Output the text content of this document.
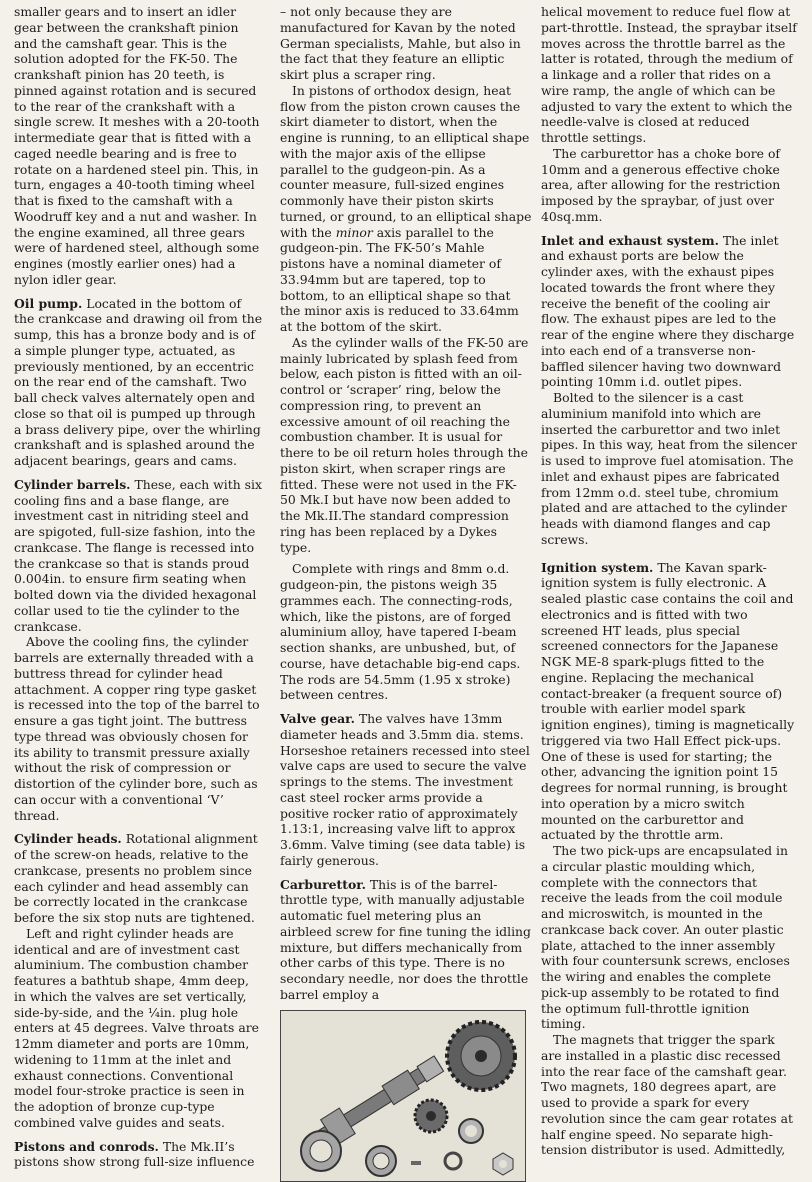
smaller gears and to insert an idler gear between the crankshaft pinion and the camshaft gear. This is the solution adopted for the FK-50. The crankshaft pinion has 20 teeth, is pinned against rotation and is secured to the rear of the crankshaft with a single screw. It meshes with a 20-tooth intermediate gear that is fitted with a caged needle bearing and is free to rotate on a hardened steel pin. This, in turn, engages a 40-tooth timing wheel that is fixed to the camshaft with a Woodruff key and a nut and washer. In the engine examined, all three gears were of hardened steel, although some engines (mostly earlier ones) had a nylon idler gear.

Oil pump. Located in the bottom of the crankcase and drawing oil from the sump, this has a bronze body and is of a simple plunger type, actuated, as previously mentioned, by an eccentric on the rear end of the camshaft. Two ball check valves alternately open and close so that oil is pumped up through a brass delivery pipe, over the whirling crankshaft and is splashed around the adjacent bearings, gears and cams.

Cylinder barrels. These, each with six cooling fins and a base flange, are investment cast in nitriding steel and are spigoted, full-size fashion, into the crankcase. The flange is recessed into the crankcase so that is stands proud 0.004in. to ensure firm seating when bolted down via the divided hexagonal collar used to tie the cylinder to the crankcase.

Above the cooling fins, the cylinder barrels are externally threaded with a buttress thread for cylinder head attachment. A copper ring type gasket is recessed into the top of the barrel to ensure a gas tight joint. The buttress type thread was obviously chosen for its ability to transmit pressure axially without the risk of compression or distortion of the cylinder bore, such as can occur with a conventional ‘V’ thread.

Cylinder heads. Rotational alignment of the screw-on heads, relative to the crankcase, presents no problem since each cylinder and head assembly can be correctly located in the crankcase before the six stop nuts are tightened.

Left and right cylinder heads are identical and are of investment cast aluminium. The combustion chamber features a bathtub shape, 4mm deep, in which the valves are set vertically, side-by-side, and the ¼in. plug hole enters at 45 degrees. Valve throats are 12mm diameter and ports are 10mm, widening to 11mm at the inlet and exhaust connections. Conventional model four-stroke practice is seen in the adoption of bronze cup-type combined valve guides and seats.

Pistons and conrods. The Mk.II’s pistons show strong full-size influence

– not only because they are manufactured for Kavan by the noted German specialists, Mahle, but also in the fact that they feature an elliptic skirt plus a scraper ring.

In pistons of orthodox design, heat flow from the piston crown causes the skirt diameter to distort, when the engine is running, to an elliptical shape with the major axis of the ellipse parallel to the gudgeon-pin. As a counter measure, full-sized engines commonly have their piston skirts turned, or ground, to an elliptical shape with the minor axis parallel to the gudgeon-pin. The FK-50’s Mahle pistons have a nominal diameter of 33.94mm but are tapered, top to bottom, to an elliptical shape so that the minor axis is reduced to 33.64mm at the bottom of the skirt.

As the cylinder walls of the FK-50 are mainly lubricated by splash feed from below, each piston is fitted with an oil-control or ‘scraper’ ring, below the compression ring, to prevent an excessive amount of oil reaching the combustion chamber. It is usual for there to be oil return holes through the piston skirt, when scraper rings are fitted. These were not used in the FK-50 Mk.I but have now been added to the Mk.II.The standard compression ring has been replaced by a Dykes type.

Complete with rings and 8mm o.d. gudgeon-pin, the pistons weigh 35 grammes each. The connecting-rods, which, like the pistons, are of forged aluminium alloy, have tapered I-beam section shanks, are unbushed, but, of course, have detachable big-end caps. The rods are 54.5mm (1.95 x stroke) between centres.

Valve gear. The valves have 13mm diameter heads and 3.5mm dia. stems. Horseshoe retainers recessed into steel valve caps are used to secure the valve springs to the stems. The investment cast steel rocker arms provide a positive rocker ratio of approximately 1.13:1, increasing valve lift to approx 3.6mm. Valve timing (see data table) is fairly generous.

Carburettor. This is of the barrel-throttle type, with manually adjustable automatic fuel metering plus an airbleed screw for fine tuning the idling mixture, but differs mechanically from other carbs of this type. There is no secondary needle, nor does the throttle barrel employ a

helical movement to reduce fuel flow at part-throttle. Instead, the spraybar itself moves across the throttle barrel as the latter is rotated, through the medium of a linkage and a roller that rides on a wire ramp, the angle of which can be adjusted to vary the extent to which the needle-valve is closed at reduced throttle settings.

The carburettor has a choke bore of 10mm and a generous effective choke area, after allowing for the restriction imposed by the spraybar, of just over 40sq.mm.

Inlet and exhaust system. The inlet and exhaust ports are below the cylinder axes, with the exhaust pipes located towards the front where they receive the benefit of the cooling air flow. The exhaust pipes are led to the rear of the engine where they discharge into each end of a transverse non-baffled silencer having two downward pointing 10mm i.d. outlet pipes.

Bolted to the silencer is a cast aluminium manifold into which are inserted the carburettor and two inlet pipes. In this way, heat from the silencer is used to improve fuel atomisation. The inlet and exhaust pipes are fabricated from 12mm o.d. steel tube, chromium plated and are attached to the cylinder heads with diamond flanges and cap screws.

Ignition system. The Kavan spark-ignition system is fully electronic. A sealed plastic case contains the coil and electronics and is fitted with two screened HT leads, plus special screened connectors for the Japanese NGK ME-8 spark-plugs fitted to the engine. Replacing the mechanical contact-breaker (a frequent source of) trouble with earlier model spark ignition engines), timing is magnetically triggered via two Hall Effect pick-ups. One of these is used for starting; the other, advancing the ignition point 15 degrees for normal running, is brought into operation by a micro switch mounted on the carburettor and actuated by the throttle arm.

The two pick-ups are encapsulated in a circular plastic moulding which, complete with the connectors that receive the leads from the coil module and microswitch, is mounted in the crankcase back cover. An outer plastic plate, attached to the inner assembly with four countersunk screws, encloses the wiring and enables the complete pick-up assembly to be rotated to find the optimum full-throttle ignition timing.

The magnets that trigger the spark are installed in a plastic disc recessed into the rear face of the camshaft gear. Two magnets, 180 degrees apart, are used to provide a spark for every revolution since the cam gear rotates at half engine speed. No separate high-tension distributor is used. Admittedly,
